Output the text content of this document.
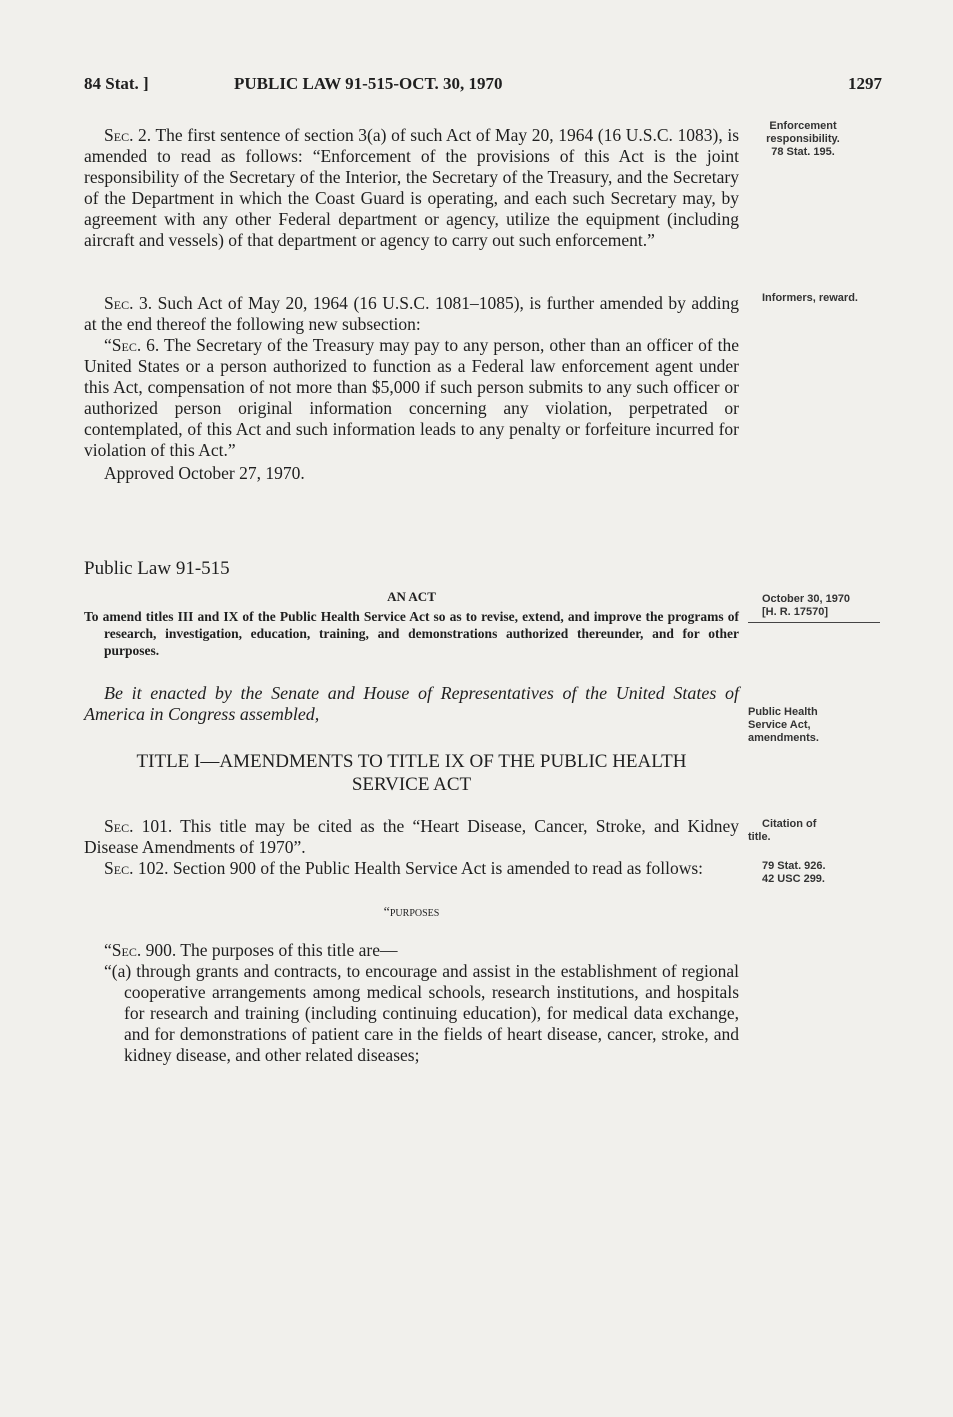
84 Stat. ]	PUBLIC LAW 91-515-OCT. 30, 1970	1297

Sec. 2. The first sentence of section 3(a) of such Act of May 20, 1964 (16 U.S.C. 1083), is amended to read as follows: “Enforcement of the provisions of this Act is the joint responsibility of the Secretary of the Interior, the Secretary of the Treasury, and the Secretary of the Department in which the Coast Guard is operating, and each such Secretary may, by agreement with any other Federal department or agency, utilize the equipment (including aircraft and vessels) of that department or agency to carry out such enforcement.”

Sec. 3. Such Act of May 20, 1964 (16 U.S.C. 1081–1085), is further amended by adding at the end thereof the following new subsection:

“Sec. 6. The Secretary of the Treasury may pay to any person, other than an officer of the United States or a person authorized to function as a Federal law enforcement agent under this Act, compensation of not more than $5,000 if such person submits to any such officer or authorized person original information concerning any violation, perpetrated or contemplated, of this Act and such information leads to any penalty or forfeiture incurred for violation of this Act.”

Approved October 27, 1970.

Public Law 91-515
AN ACT

To amend titles III and IX of the Public Health Service Act so as to revise, extend, and improve the programs of research, investigation, education, training, and demonstrations authorized thereunder, and for other purposes.

Be it enacted by the Senate and House of Representatives of the United States of America in Congress assembled,

TITLE I—AMENDMENTS TO TITLE IX OF THE PUBLIC HEALTH SERVICE ACT

Sec. 101. This title may be cited as the “Heart Disease, Cancer, Stroke, and Kidney Disease Amendments of 1970”.

Sec. 102. Section 900 of the Public Health Service Act is amended to read as follows:

“purposes

“Sec. 900. The purposes of this title are—

“(a) through grants and contracts, to encourage and assist in the establishment of regional cooperative arrangements among medical schools, research institutions, and hospitals for research and training (including continuing education), for medical data exchange, and for demonstrations of patient care in the fields of heart disease, cancer, stroke, and kidney disease, and other related diseases;

Enforcement
responsibility.
78 Stat. 195.
Informers, reward.
October 30, 1970
[H. R. 17570]
Public Health
Service Act,
amendments.
Citation of
title.
79 Stat. 926.
42 USC 299.
